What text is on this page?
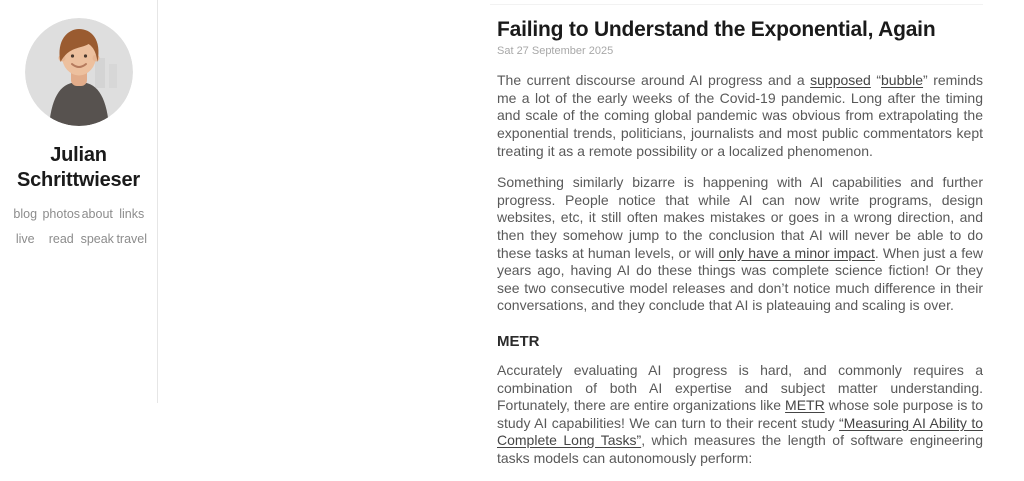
Julian Schrittwieser
blog photos about links
live read speak travel
Failing to Understand the Exponential, Again
Sat 27 September 2025

The current discourse around AI progress and a supposed “bubble” reminds me a lot of the early weeks of the Covid-19 pandemic. Long after the timing and scale of the coming global pandemic was obvious from extrapolating the exponential trends, politicians, journalists and most public commentators kept treating it as a remote possibility or a localized phenomenon.

Something similarly bizarre is happening with AI capabilities and further progress. People notice that while AI can now write programs, design websites, etc, it still often makes mistakes or goes in a wrong direction, and then they somehow jump to the conclusion that AI will never be able to do these tasks at human levels, or will only have a minor impact. When just a few years ago, having AI do these things was complete science fiction! Or they see two consecutive model releases and don’t notice much difference in their conversations, and they conclude that AI is plateauing and scaling is over.

METR

Accurately evaluating AI progress is hard, and commonly requires a combination of both AI expertise and subject matter understanding. Fortunately, there are entire organizations like METR whose sole purpose is to study AI capabilities! We can turn to their recent study “Measuring AI Ability to Complete Long Tasks”, which measures the length of software engineering tasks models can autonomously perform:
